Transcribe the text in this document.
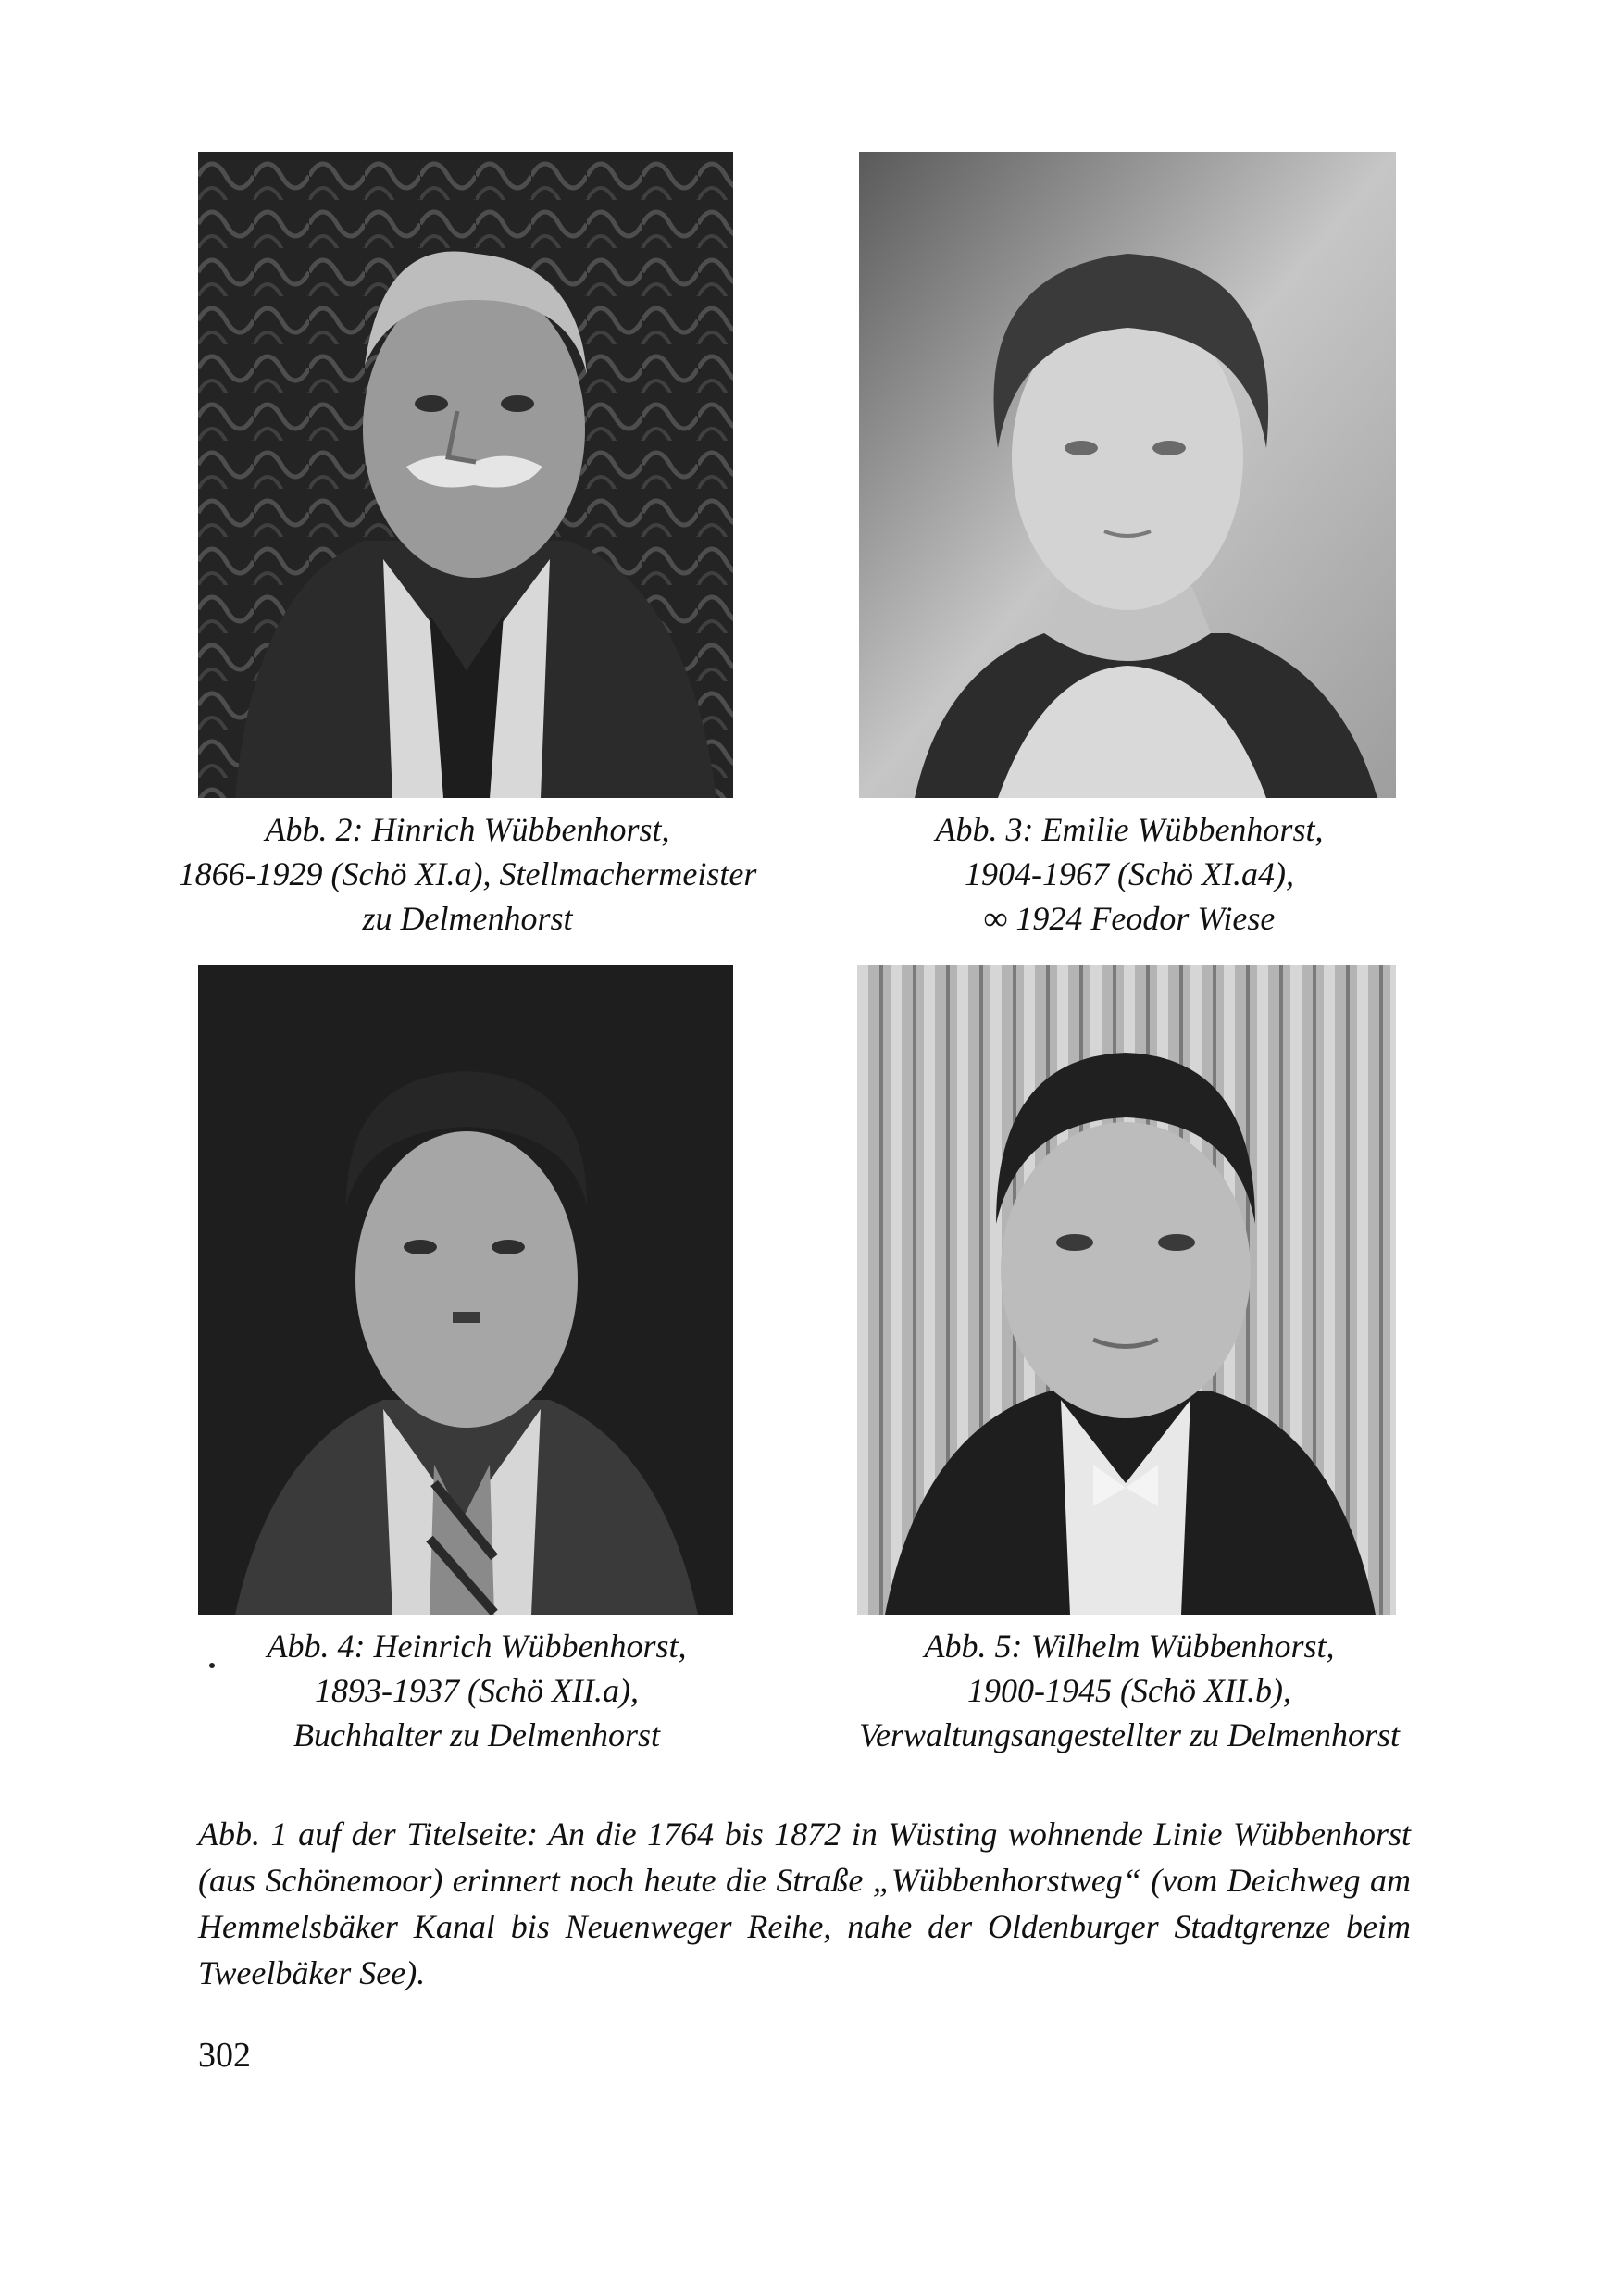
Abb. 2: Hinrich Wübbenhorst,
1866-1929 (Schö XI.a), Stellmachermeister
zu Delmenhorst
Abb. 3: Emilie Wübbenhorst,
1904-1967 (Schö XI.a4),
∞ 1924 Feodor Wiese
Abb. 4: Heinrich Wübbenhorst,
1893-1937 (Schö XII.a),
Buchhalter zu Delmenhorst
Abb. 5: Wilhelm Wübbenhorst,
1900-1945 (Schö XII.b),
Verwaltungsangestellter zu Delmenhorst
Abb. 1 auf der Titelseite: An die 1764 bis 1872 in Wüsting wohnende Linie Wübbenhorst (aus Schönemoor) erinnert noch heute die Straße „Wübbenhorstweg“ (vom Deichweg am Hemmelsbäker Kanal bis Neuenweger Reihe, nahe der Oldenburger Stadtgrenze beim Tweelbäker See).
302
